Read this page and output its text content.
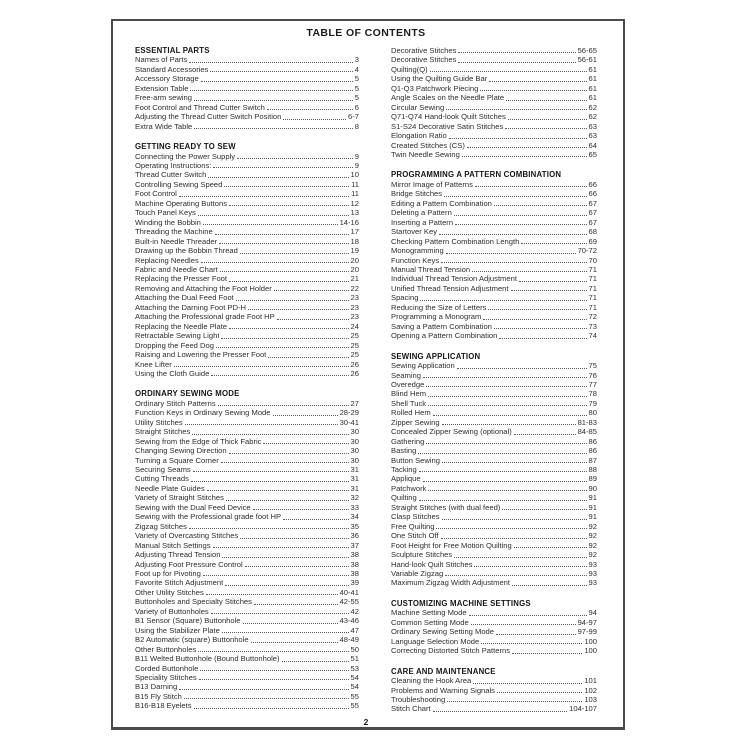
TABLE OF CONTENTS
ESSENTIAL PARTS
Names of Parts	3
Standard Accessories	4
Accessory Storage	5
Extension Table	5
Free-arm sewing	5
Foot Control and Thread Cutter Switch	6
Adjusting the Thread Cutter Switch Position	6-7
Extra Wide Table	8
GETTING READY TO SEW
Connecting the Power Supply	9
Operating Instructions:	9
Thread Cutter Switch	10
Controlling Sewing Speed	11
Foot Control	11
Machine Operating Buttons	12
Touch Panel Keys	13
Winding the Bobbin	14-16
Threading the Machine	17
Built-in Needle Threader	18
Drawing up the Bobbin Thread	19
Replacing Needles	20
Fabric and Needle Chart	20
Replacing the Presser Foot	21
Removing and Attaching the Foot Holder	22
Attaching the Dual Feed Foot	23
Attaching the Darning Foot PD-H	23
Attaching the Professional grade Foot HP	23
Replacing the Needle Plate	24
Retractable Sewing Light	25
Dropping the Feed Dog	25
Raising and Lowering the Presser Foot	25
Knee Lifter	26
Using the Cloth Guide	26
ORDINARY SEWING MODE
Ordinary Stitch Patterns	27
Function Keys in Ordinary Sewing Mode	28-29
Utility Stitches	30-41
Straight Stitches	30
Sewing from the Edge of Thick Fabric	30
Changing Sewing Direction	30
Turning a Square Corner	30
Securing Seams	31
Cutting Threads	31
Needle Plate Guides	31
Variety of Straight Stitches	32
Sewing with the Dual Feed Device	33
Sewing with the Professional grade foot HP	34
Zigzag Stitches	35
Variety of Overcasting Stitches	36
Manual Stitch Settings	37
Adjusting Thread Tension	38
Adjusting Foot Pressure Control	38
Foot up for Pivoting	38
Favorite Stitch Adjustment	39
Other Utility Stitches	40-41
Buttonholes and Specialty Stitches	42-55
Variety of Buttonholes	42
B1 Sensor (Square) Buttonhole	43-46
Using the Stabilizer Plate	47
B2 Automatic (square) Buttonhole	48-49
Other Buttonholes	50
B11 Welted Buttonhole (Bound Buttonhole)	51
Corded Buttonhole	53
Speciality Stitches	54
B13 Darning	54
B15 Fly Stitch	55
B16-B18 Eyelets	55
Decorative Stitches	56-65
Decorative Stitches	56-61
Quilting(Q)	61
Using the Quilting Guide Bar	61
Q1-Q3 Patchwork Piecing	61
Angle Scales on the Needle Plate	61
Circular Sewing	62
Q71-Q74 Hand-look Quilt Stitches	62
S1-S24 Decorative Satin Stitches	63
Elongation Ratio	63
Created Stitches (CS)	64
Twin Needle Sewing	65
PROGRAMMING A PATTERN COMBINATION
Mirror Image of Patterns	66
Bridge Stitches	66
Editing a Pattern Combination	67
Deleting a Pattern	67
Inserting a Pattern	67
Startover Key	68
Checking Pattern Combination Length	69
Monogramming	70-72
Function Keys	70
Manual Thread Tension	71
Individual Thread Tension Adjustment	71
Unified Thread Tension Adjustment	71
Spacing	71
Reducing the Size of Letters	71
Programming a Monogram	72
Saving a Pattern Combination	73
Opening a Pattern Combination	74
SEWING APPLICATION
Sewing Application	75
Seaming	76
Overedge	77
Blind Hem	78
Shell Tuck	79
Rolled Hem	80
Zipper Sewing	81-83
Concealed Zipper Sewing (optional)	84-85
Gathering	86
Basting	86
Button Sewing	87
Tacking	88
Applique	89
Patchwork	90
Quilting	91
Straight Stitches (with dual feed)	91
Clasp Stitches	91
Free Quilting	92
One Stitch Off	92
Foot Height for Free Motion Quilting	92
Sculpture Stitches	92
Hand-look Quilt Stitches	93
Variable Zigzag	93
Maximum Zigzag Width Adjustment	93
CUSTOMIZING MACHINE SETTINGS
Machine Setting Mode	94
Common Setting Mode	94-97
Ordinary Sewing Setting Mode	97-99
Language Selection Mode	100
Correcting Distorted Stitch Patterns	100
CARE AND MAINTENANCE
Cleaning the Hook Area	101
Problems and Warning Signals	102
Troubleshooting	103
Stitch Chart	104-107
2
